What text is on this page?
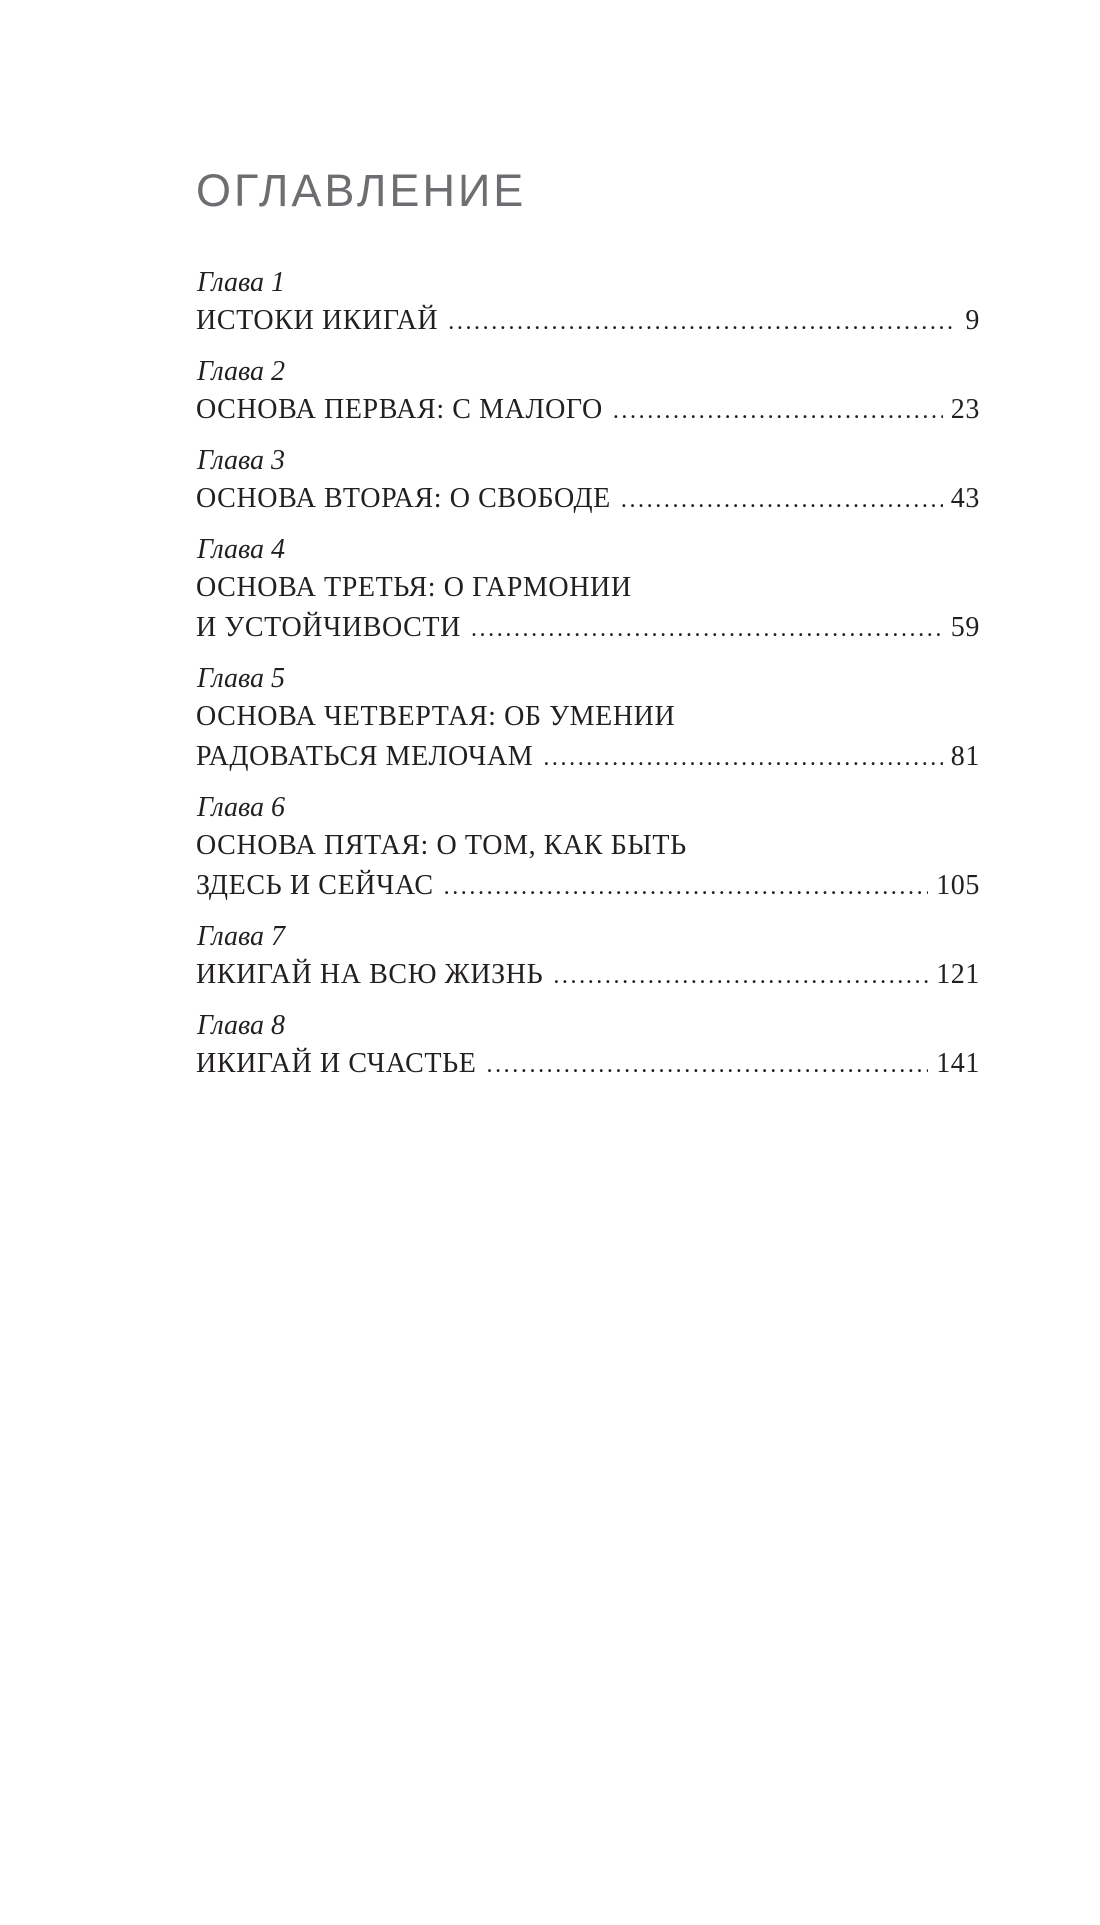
ОГЛАВЛЕНИЕ
Глава 1
ИСТОКИ ИКИГАЙ .....	9
Глава 2
ОСНОВА ПЕРВАЯ: С МАЛОГО .....	23
Глава 3
ОСНОВА ВТОРАЯ: О СВОБОДЕ .....	43
Глава 4
ОСНОВА ТРЕТЬЯ: О ГАРМОНИИ
И УСТОЙЧИВОСТИ .....	59
Глава 5
ОСНОВА ЧЕТВЕРТАЯ: ОБ УМЕНИИ
РАДОВАТЬСЯ МЕЛОЧАМ .....	81
Глава 6
ОСНОВА ПЯТАЯ: О ТОМ, КАК БЫТЬ
ЗДЕСЬ И СЕЙЧАС .....	105
Глава 7
ИКИГАЙ НА ВСЮ ЖИЗНЬ .....	121
Глава 8
ИКИГАЙ И СЧАСТЬЕ .....	141
